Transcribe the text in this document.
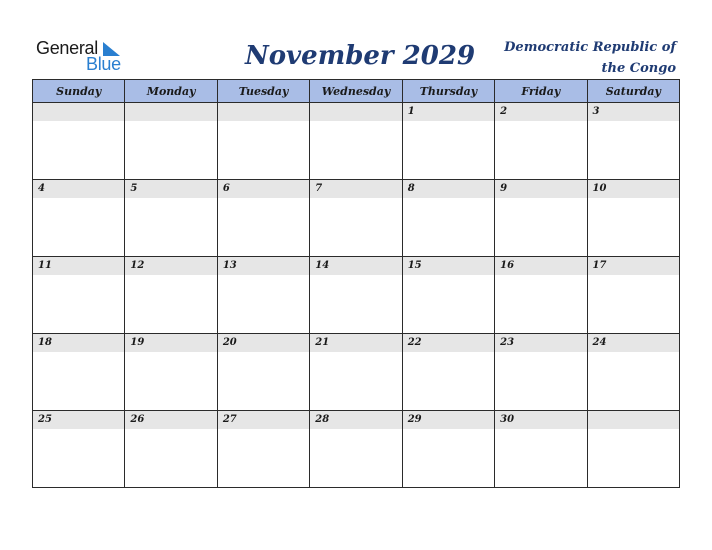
General
Blue	November 2029	Democratic Republic of
the Congo
Sunday	Monday	Tuesday	Wednesday	Thursday	Friday	Saturday

				1	2	3

4	5	6	7	8	9	10

11	12	13	14	15	16	17

18	19	20	21	22	23	24

25	26	27	28	29	30	
